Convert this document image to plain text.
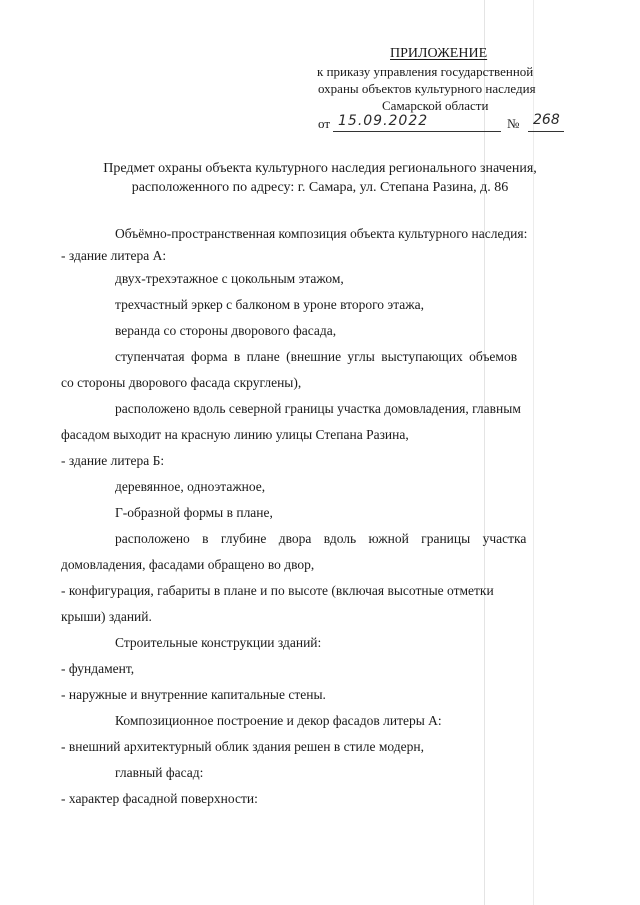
ПРИЛОЖЕНИЕ
к приказу управления государственной
охраны объектов культурного наследия
Самарской области
от 15.09.2022	№ 268
Предмет охраны объекта культурного наследия регионального значения,
расположенного по адресу: г. Самара, ул. Степана Разина, д. 86
Объёмно-пространственная композиция объекта культурного наследия:
- здание литера А:
двух-трехэтажное с цокольным этажом,
трехчастный эркер с балконом в уроне второго этажа,
веранда со стороны дворового фасада,
ступенчатая форма в плане (внешние углы выступающих объемов
со стороны дворового фасада скруглены),
расположено вдоль северной границы участка домовладения, главным
фасадом выходит на красную линию улицы Степана Разина,
- здание литера Б:
деревянное, одноэтажное,
Г-образной формы в плане,
расположено в глубине двора вдоль южной границы участка
домовладения, фасадами обращено во двор,
- конфигурация, габариты в плане и по высоте (включая высотные отметки
крыши) зданий.
Строительные конструкции зданий:
- фундамент,
- наружные и внутренние капитальные стены.
Композиционное построение и декор фасадов литеры А:
- внешний архитектурный облик здания решен в стиле модерн,
главный фасад:
- характер фасадной поверхности:
